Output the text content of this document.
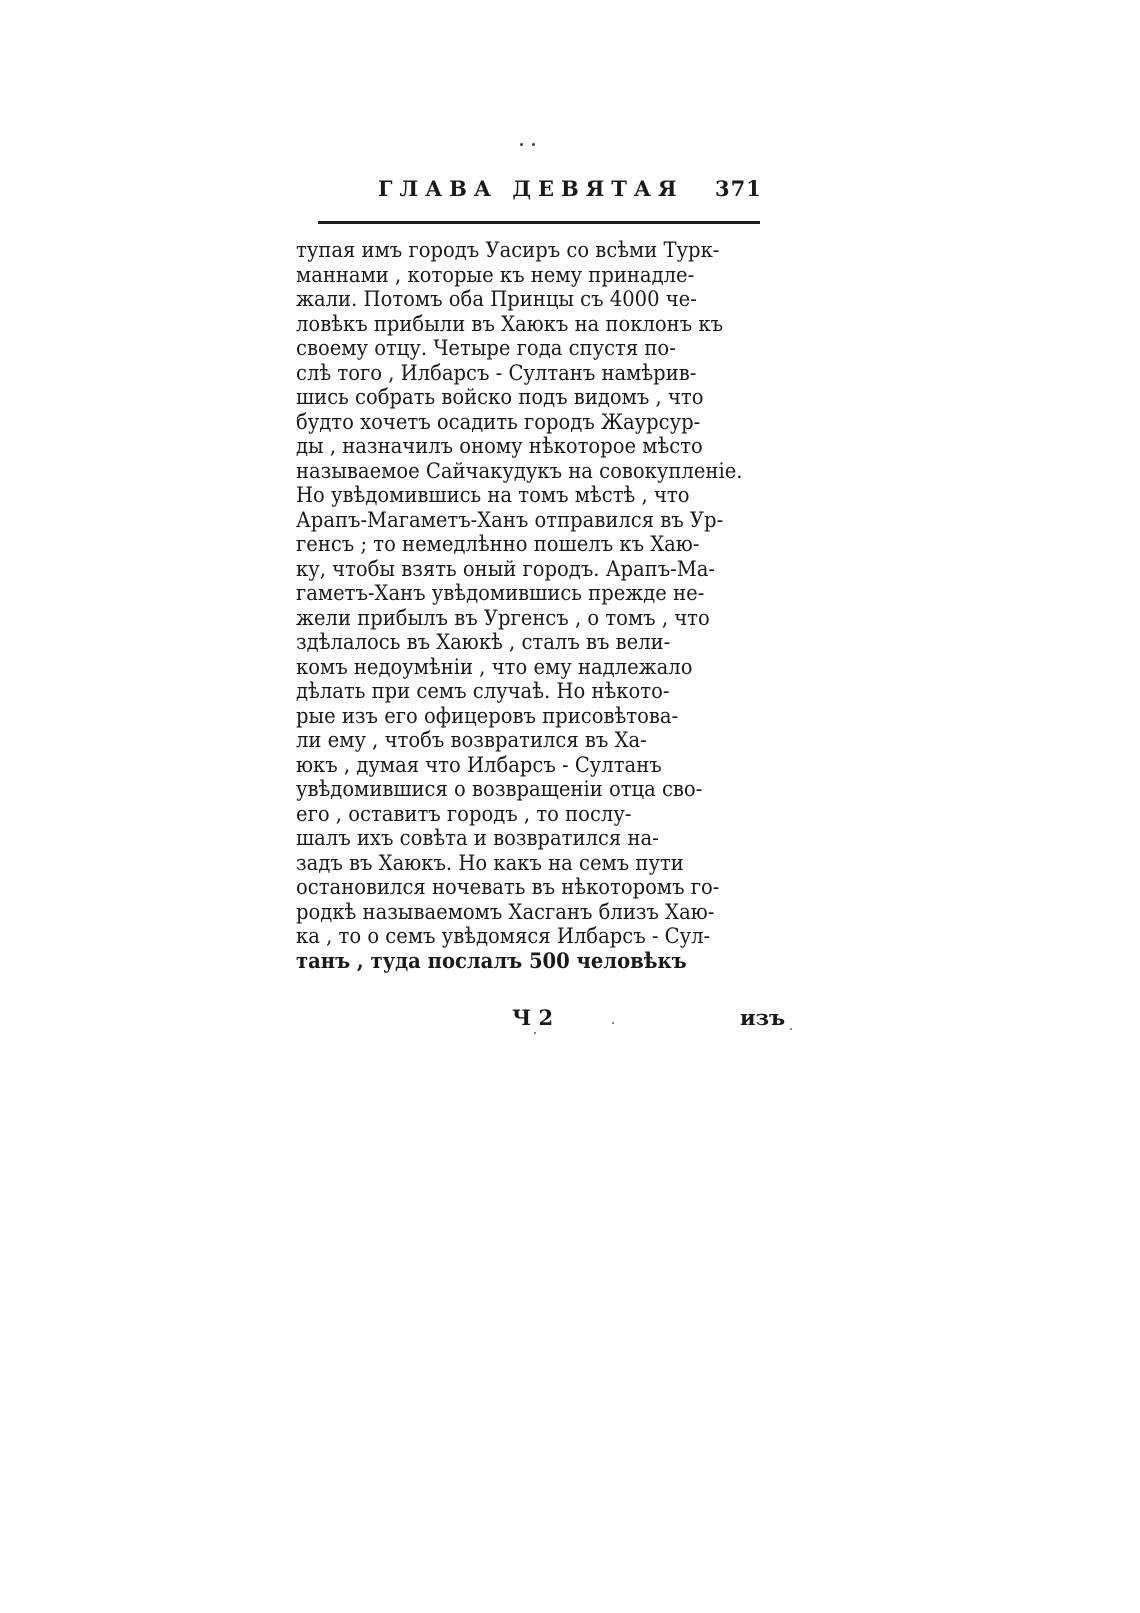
ГЛАВА ДЕВЯТАЯ 371
тупая имъ городъ Уасиръ со всѣми Турк-
маннами , которые къ нему принадле-
жали. Потомъ оба Принцы съ 4000 че-
ловѣкъ прибыли въ Хаюкъ на поклонъ къ
своему отцу. Четыре года спустя по-
слѣ того , Илбарсъ - Султанъ намѣрив-
шись собрать войско подъ видомъ , что
будто хочетъ осадить городъ Жаурсур-
ды , назначилъ оному нѣкоторое мѣсто
называемое Сайчакудукъ на совокупленіе.
Но увѣдомившись на томъ мѣстѣ , что
Арапъ-Магаметъ-Ханъ отправился въ Ур-
генсъ ; то немедлѣнно пошелъ къ Хаю-
ку, чтобы взять оный городъ. Арапъ-Ма-
гаметъ-Ханъ увѣдомившись прежде не-
жели прибылъ въ Ургенсъ , о томъ , что
здѣлалось въ Хаюкѣ , сталъ въ вели-
комъ недоумѣніи , что ему надлежало
дѣлать при семъ случаѣ. Но нѣкото-
рые изъ его офицеровъ присовѣтова-
ли ему , чтобъ возвратился въ Ха-
юкъ , думая что Илбарсъ - Султанъ
увѣдомившися о возвращеніи отца сво-
его , оставитъ городъ , то послу-
шалъ ихъ совѣта и возвратился на-
задъ въ Хаюкъ. Но какъ на семъ пути
остановился ночевать въ нѣкоторомъ го-
родкѣ называемомъ Хасганъ близъ Хаю-
ка , то о семъ увѣдомяся Илбарсъ - Сул-
танъ , туда послалъ 500 человѣкъ
Ч 2	изъ
